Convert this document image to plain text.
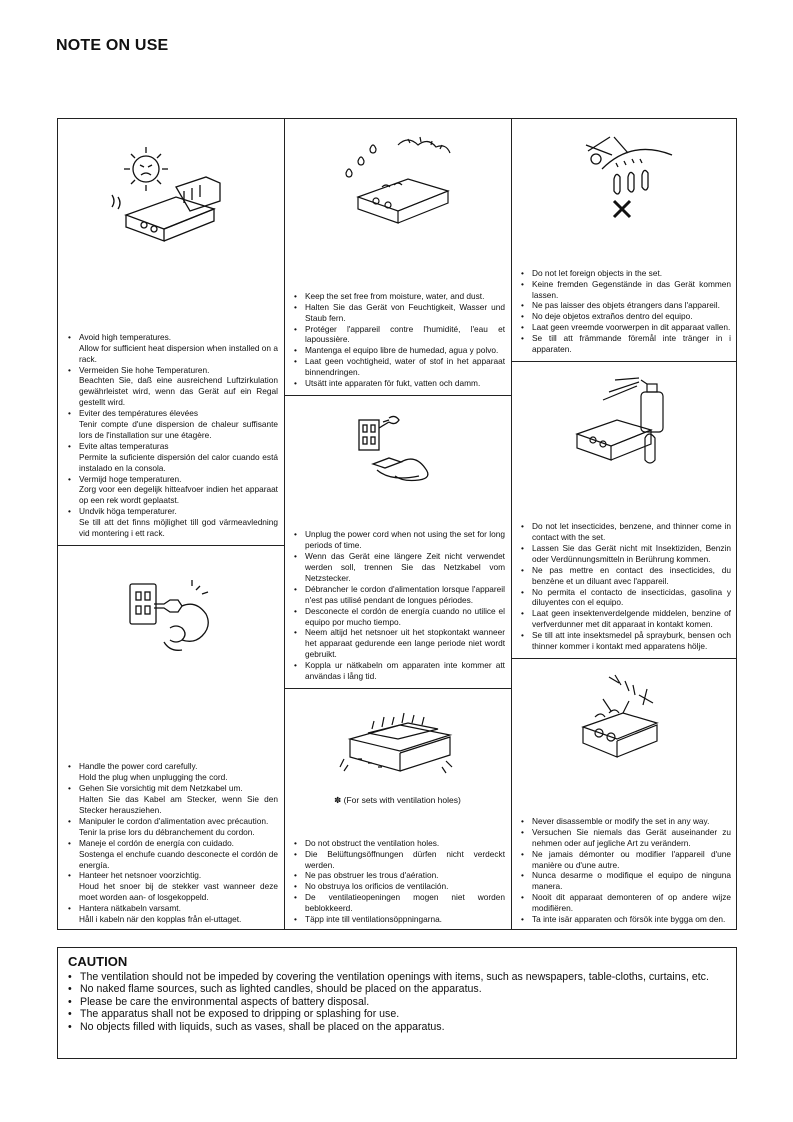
NOTE ON USE
• Avoid high temperatures.
Allow for sufficient heat dispersion when installed on a rack.
• Vermeiden Sie hohe Temperaturen.
Beachten Sie, daß eine ausreichend Luftzirkulation gewährleistet wird, wenn das Gerät auf ein Regal gestellt wird.
• Eviter des températures élevées
Tenir compte d'une dispersion de chaleur suffisante lors de l'installation sur une étagère.
• Evite altas temperaturas
Permite la suficiente dispersión del calor cuando está instalado en la consola.
• Vermijd hoge temperaturen.
Zorg voor een degelijk hitteafvoer indien het apparaat op een rek wordt geplaatst.
• Undvik höga temperaturer.
Se till att det finns möjlighet till god värmeavledning vid montering i ett rack.
• Handle the power cord carefully.
Hold the plug when unplugging the cord.
• Gehen Sie vorsichtig mit dem Netzkabel um.
Halten Sie das Kabel am Stecker, wenn Sie den Stecker herausziehen.
• Manipuler le cordon d'alimentation avec précaution.
Tenir la prise lors du débranchement du cordon.
• Maneje el cordón de energía con cuidado.
Sostenga el enchufe cuando desconecte el cordón de energía.
• Hanteer het netsnoer voorzichtig.
Houd het snoer bij de stekker vast wanneer deze moet worden aan- of losgekoppeld.
• Hantera nätkabeln varsamt.
Håll i kabeln när den kopplas från el-uttaget.
• Keep the set free from moisture, water, and dust.
• Halten Sie das Gerät von Feuchtigkeit, Wasser und Staub fern.
• Protéger l'appareil contre l'humidité, l'eau et lapoussière.
• Mantenga el equipo libre de humedad, agua y polvo.
• Laat geen vochtigheid, water of stof in het apparaat binnendringen.
• Utsätt inte apparaten för fukt, vatten och damm.
• Unplug the power cord when not using the set for long periods of time.
• Wenn das Gerät eine längere Zeit nicht verwendet werden soll, trennen Sie das Netzkabel vom Netzstecker.
• Débrancher le cordon d'alimentation lorsque l'appareil n'est pas utilisé pendant de longues périodes.
• Desconecte el cordón de energía cuando no utilice el equipo por mucho tiempo.
• Neem altijd het netsnoer uit het stopkontakt wanneer het apparaat gedurende een lange periode niet wordt gebruikt.
• Koppla ur nätkabeln om apparaten inte kommer att användas i lång tid.
✽ (For sets with ventilation holes)
• Do not obstruct the ventilation holes.
• Die Belüftungsöffnungen dürfen nicht verdeckt werden.
• Ne pas obstruer les trous d'aération.
• No obstruya los orificios de ventilación.
• De ventilatieopeningen mogen niet worden beblokkeerd.
• Täpp inte till ventilationsöppningarna.
• Do not let foreign objects in the set.
• Keine fremden Gegenstände in das Gerät kommen lassen.
• Ne pas laisser des objets étrangers dans l'appareil.
• No deje objetos extraños dentro del equipo.
• Laat geen vreemde voorwerpen in dit apparaat vallen.
• Se till att främmande föremål inte tränger in i apparaten.
• Do not let insecticides, benzene, and thinner come in contact with the set.
• Lassen Sie das Gerät nicht mit Insektiziden, Benzin oder Verdünnungsmitteln in Berührung kommen.
• Ne pas mettre en contact des insecticides, du benzène et un diluant avec l'appareil.
• No permita el contacto de insecticidas, gasolina y diluyentes con el equipo.
• Laat geen insektenverdelgende middelen, benzine of verfverdunner met dit apparaat in kontakt komen.
• Se till att inte insektsmedel på sprayburk, bensen och thinner kommer i kontakt med apparatens hölje.
• Never disassemble or modify the set in any way.
• Versuchen Sie niemals das Gerät auseinander zu nehmen oder auf jegliche Art zu verändern.
• Ne jamais démonter ou modifier l'appareil d'une manière ou d'une autre.
• Nunca desarme o modifique el equipo de ninguna manera.
• Nooit dit apparaat demonteren of op andere wijze modifiëren.
• Ta inte isär apparaten och försök inte bygga om den.
CAUTION
• The ventilation should not be impeded by covering the ventilation openings with items, such as newspapers, table-cloths, curtains, etc.
• No naked flame sources, such as lighted candles, should be placed on the apparatus.
• Please be care the environmental aspects of battery disposal.
• The apparatus shall not be exposed to dripping or splashing for use.
• No objects filled with liquids, such as vases, shall be placed on the apparatus.
